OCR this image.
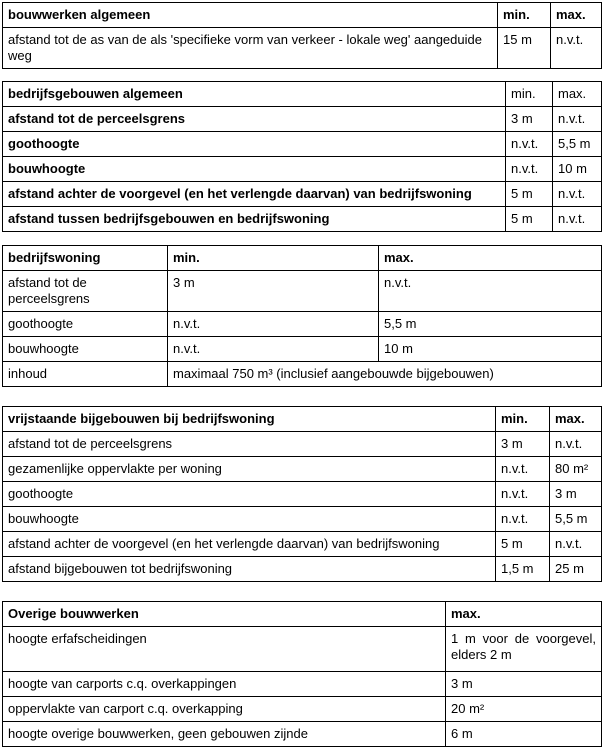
bouwwerken algemeen	min.	max.
afstand tot de as van de als 'specifieke vorm van verkeer - lokale weg' aangeduide weg	15 m	n.v.t.
bedrijfsgebouwen algemeen	min.	max.
afstand tot de perceelsgrens	3 m	n.v.t.
goothoogte	n.v.t.	5,5 m
bouwhoogte	n.v.t.	10 m
afstand achter de voorgevel (en het verlengde daarvan) van bedrijfswoning	5 m	n.v.t.
afstand tussen bedrijfsgebouwen en bedrijfswoning	5 m	n.v.t.
bedrijfswoning	min.	max.
afstand tot de perceelsgrens	3 m	n.v.t.
goothoogte	n.v.t.	5,5 m
bouwhoogte	n.v.t.	10 m
inhoud	maximaal 750 m³ (inclusief aangebouwde bijgebouwen)	
vrijstaande bijgebouwen bij bedrijfswoning	min.	max.
afstand tot de perceelsgrens	3 m	n.v.t.
gezamenlijke oppervlakte per woning	n.v.t.	80 m²
goothoogte	n.v.t.	3 m
bouwhoogte	n.v.t.	5,5 m
afstand achter de voorgevel (en het verlengde daarvan) van bedrijfswoning	5 m	n.v.t.
afstand bijgebouwen tot bedrijfswoning	1,5 m	25 m
Overige bouwwerken	max.
hoogte erfafscheidingen	1 m voor de voorgevel, elders 2 m
hoogte van carports c.q. overkappingen	3 m
oppervlakte van carport c.q. overkapping	20 m²
hoogte overige bouwwerken, geen gebouwen zijnde	6 m
